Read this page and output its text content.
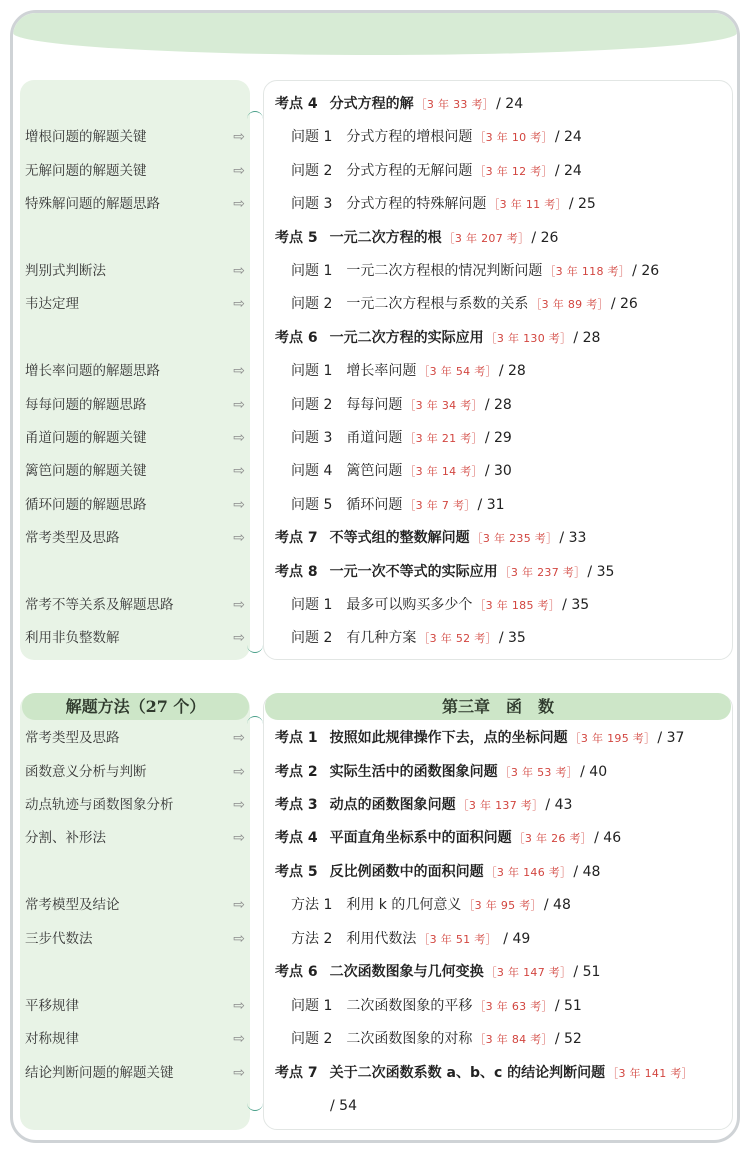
解题方法（27 个）	第三章　函　数
增根问题的解题关键	⇨
无解问题的解题关键	⇨
特殊解问题的解题思路	⇨
判别式判断法	⇨
韦达定理	⇨
增长率问题的解题思路	⇨
每每问题的解题思路	⇨
甬道问题的解题关键	⇨
篱笆问题的解题关键	⇨
循环问题的解题思路	⇨
常考类型及思路	⇨
常考不等关系及解题思路	⇨
利用非负整数解	⇨
考点 4 分式方程的解 ［3 年 33 考］ / 24
问题 1 分式方程的增根问题 ［3 年 10 考］ / 24
问题 2 分式方程的无解问题 ［3 年 12 考］ / 24
问题 3 分式方程的特殊解问题 ［3 年 11 考］ / 25
考点 5 一元二次方程的根 ［3 年 207 考］ / 26
问题 1 一元二次方程根的情况判断问题 ［3 年 118 考］ / 26
问题 2 一元二次方程根与系数的关系 ［3 年 89 考］ / 26
考点 6 一元二次方程的实际应用 ［3 年 130 考］ / 28
问题 1 增长率问题 ［3 年 54 考］ / 28
问题 2 每每问题 ［3 年 34 考］ / 28
问题 3 甬道问题 ［3 年 21 考］ / 29
问题 4 篱笆问题 ［3 年 14 考］ / 30
问题 5 循环问题 ［3 年 7 考］ / 31
考点 7 不等式组的整数解问题 ［3 年 235 考］ / 33
考点 8 一元一次不等式的实际应用 ［3 年 237 考］ / 35
问题 1 最多可以购买多少个 ［3 年 185 考］ / 35
问题 2 有几种方案 ［3 年 52 考］ / 35
常考类型及思路	⇨
函数意义分析与判断	⇨
动点轨迹与函数图象分析	⇨
分割、补形法	⇨
常考模型及结论	⇨
三步代数法	⇨
平移规律	⇨
对称规律	⇨
结论判断问题的解题关键	⇨
考点 1 按照如此规律操作下去，点的坐标问题 ［3 年 195 考］ / 37
考点 2 实际生活中的函数图象问题 ［3 年 53 考］ / 40
考点 3 动点的函数图象问题 ［3 年 137 考］ / 43
考点 4 平面直角坐标系中的面积问题 ［3 年 26 考］ / 46
考点 5 反比例函数中的面积问题 ［3 年 146 考］ / 48
方法 1 利用 k 的几何意义 ［3 年 95 考］ / 48
方法 2 利用代数法 ［3 年 51 考］ / 49
考点 6 二次函数图象与几何变换 ［3 年 147 考］ / 51
问题 1 二次函数图象的平移 ［3 年 63 考］ / 51
问题 2 二次函数图象的对称 ［3 年 84 考］ / 52
考点 7 关于二次函数系数 a、b、c 的结论判断问题 ［3 年 141 考］
/ 54
